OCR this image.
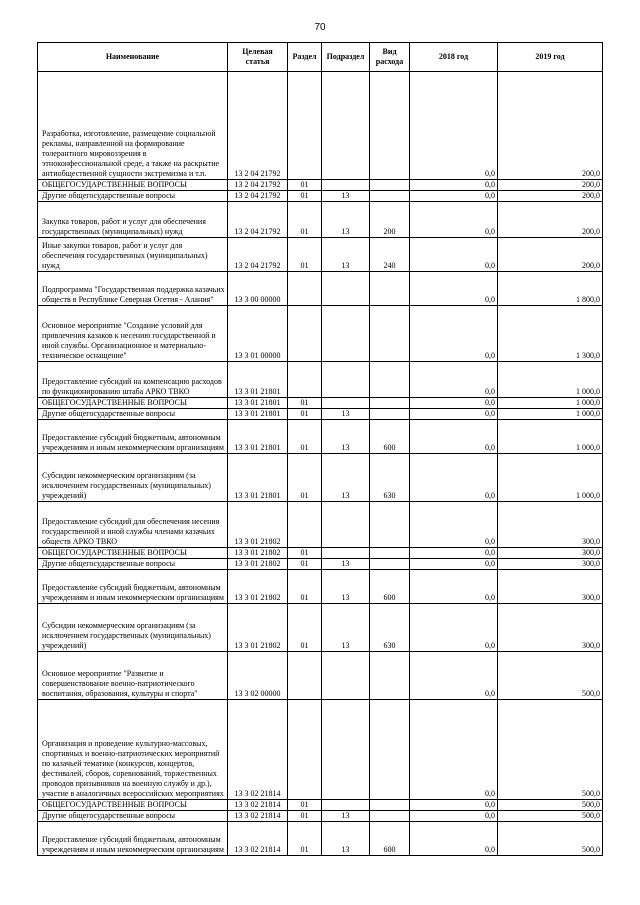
70
Наименование	Целевая статья	Раздел	Подраздел	Вид расхода	2018 год	2019 год
Разработка, изготовление, размещение социальной рекламы, направленной на формирование толерантного мировоззрения в этноконфессиональной среде, а также на раскрытие антиобщественной сущности экстремизма и т.п.	13 2 04 21792				0,0	200,0
ОБЩЕГОСУДАРСТВЕННЫЕ ВОПРОСЫ	13 2 04 21792	01			0,0	200,0
Другие общегосударственные вопросы	13 2 04 21792	01	13		0,0	200,0
Закупка товаров, работ и услуг для обеспечения государственных (муниципальных) нужд	13 2 04 21792	01	13	200	0,0	200,0
Иные закупки товаров, работ и услуг для обеспечения государственных (муниципальных) нужд	13 2 04 21792	01	13	240	0,0	200,0
Подпрограмма "Государственная поддержка казачьих обществ в Республике Северная Осетия - Алания"	13 3 00 00000				0,0	1 800,0
Основное мероприятие "Создание условий для привлечения казаков к несению государственной и иной службы. Организационное и материально-техническое оснащение"	13 3 01 00000				0,0	1 300,0
Предоставление субсидий на компенсацию расходов по функционированию штаба АРКО ТВКО	13 3 01 21801				0,0	1 000,0
ОБЩЕГОСУДАРСТВЕННЫЕ ВОПРОСЫ	13 3 01 21801	01			0,0	1 000,0
Другие общегосударственные вопросы	13 3 01 21801	01	13		0,0	1 000,0
Предоставление субсидий бюджетным, автономным учреждениям и иным некоммерческим организациям	13 3 01 21801	01	13	600	0,0	1 000,0
Субсидии некоммерческим организациям (за исключением государственных (муниципальных) учреждений)	13 3 01 21801	01	13	630	0,0	1 000,0
Предоставление субсидий для обеспечения несения государственной и иной службы членами казачьих обществ АРКО ТВКО	13 3 01 21802				0,0	300,0
ОБЩЕГОСУДАРСТВЕННЫЕ ВОПРОСЫ	13 3 01 21802	01			0,0	300,0
Другие общегосударственные вопросы	13 3 01 21802	01	13		0,0	300,0
Предоставление субсидий бюджетным, автономным учреждениям и иным некоммерческим организациям	13 3 01 21802	01	13	600	0,0	300,0
Субсидии некоммерческим организациям (за исключением государственных (муниципальных) учреждений)	13 3 01 21802	01	13	630	0,0	300,0
Основное мероприятие "Развитие и совершенствование военно-патриотического воспитания, образования, культуры и спорта"	13 3 02 00000				0,0	500,0
Организация и проведение культурно-массовых, спортивных и военно-патриотических мероприятий по казачьей тематике (конкурсов, концертов, фестивалей, сборов, соревнований, торжественных проводов призывников на военную службу и др.), участие в аналогичных всероссийских мероприятиях	13 3 02 21814				0,0	500,0
ОБЩЕГОСУДАРСТВЕННЫЕ ВОПРОСЫ	13 3 02 21814	01			0,0	500,0
Другие общегосударственные вопросы	13 3 02 21814	01	13		0,0	500,0
Предоставление субсидий бюджетным, автономным учреждениям и иным некоммерческим организациям	13 3 02 21814	01	13	600	0,0	500,0
